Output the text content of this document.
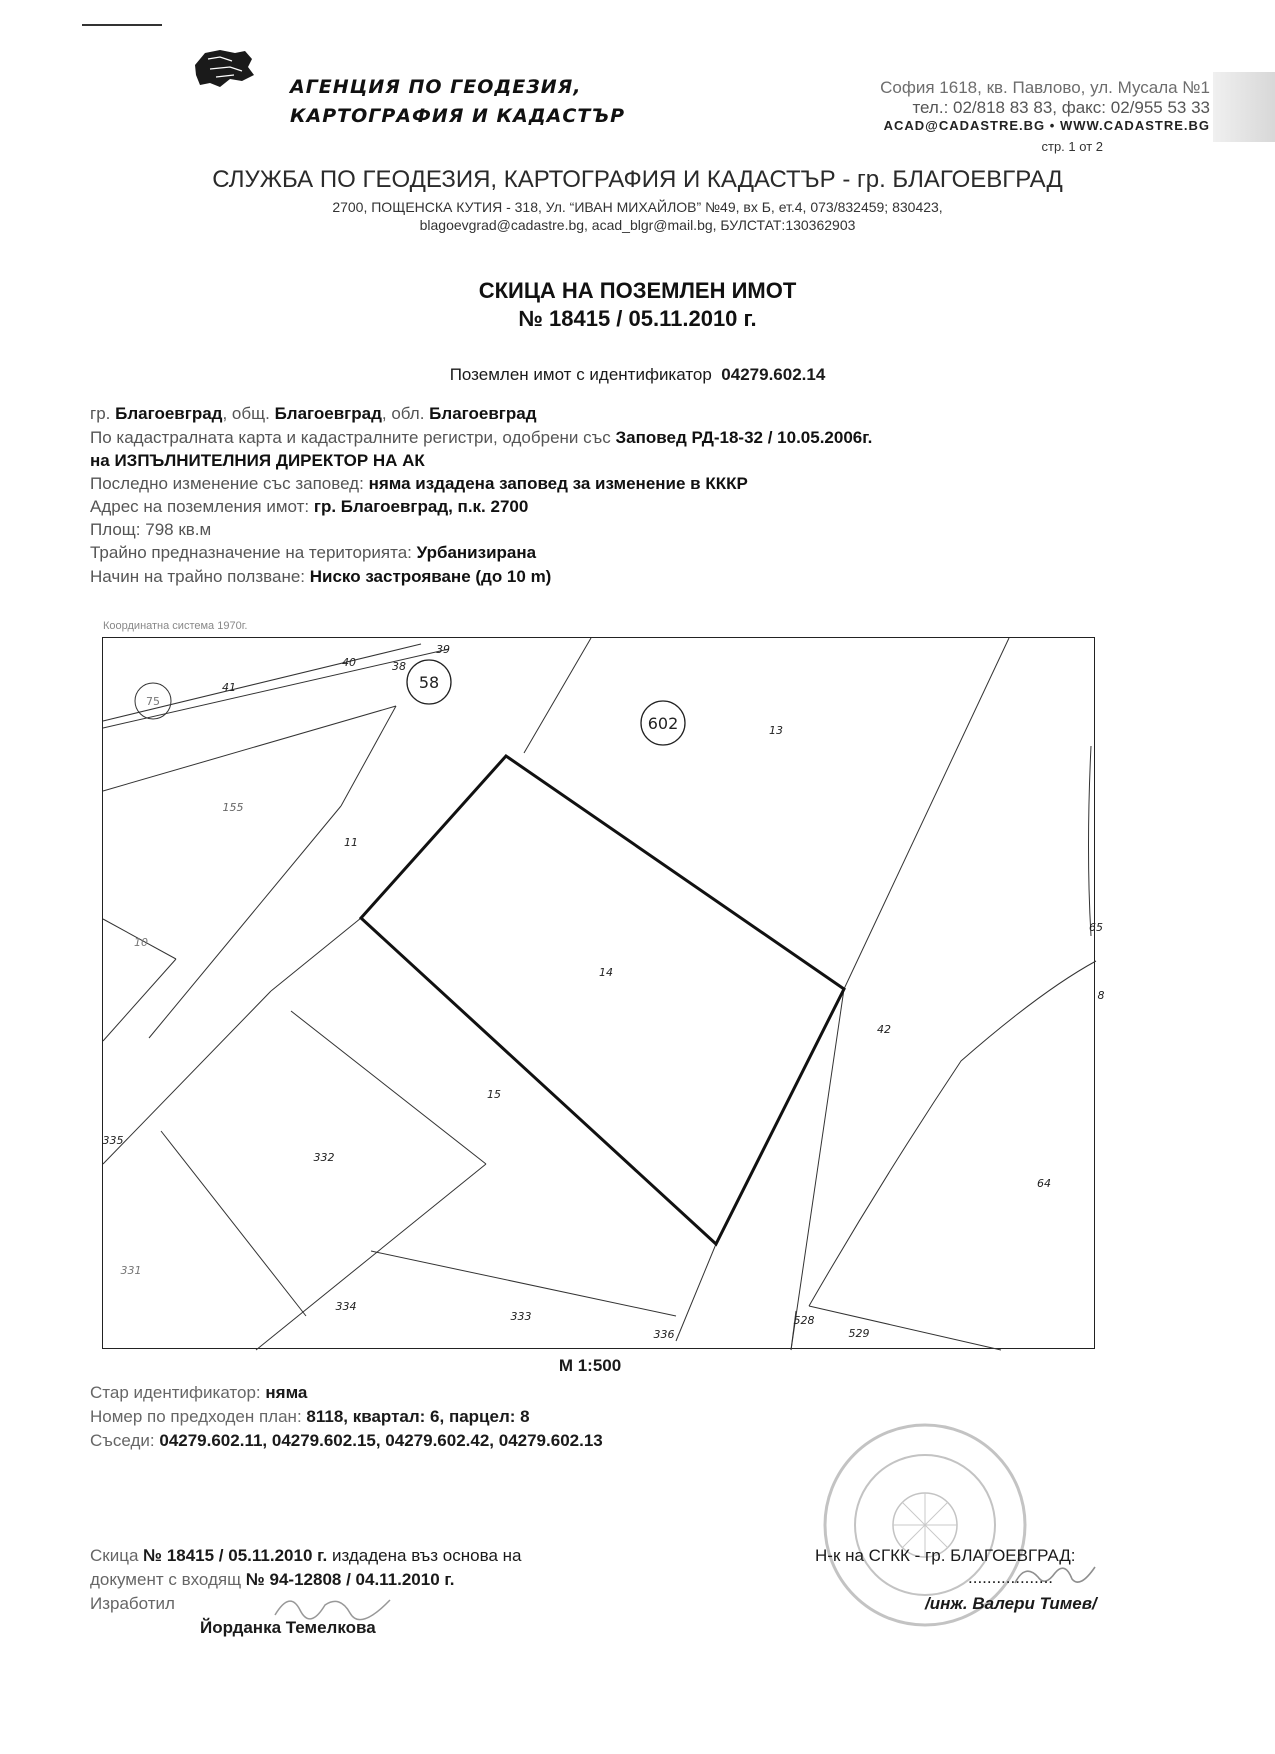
АГЕНЦИЯ ПО ГЕОДЕЗИЯ,
КАРТОГРАФИЯ И КАДАСТЪР
София 1618, кв. Павлово, ул. Мусала №1
тел.: 02/818 83 83, факс: 02/955 53 33
ACAD@CADASTRE.BG • WWW.CADASTRE.BG
стр. 1 от 2
СЛУЖБА ПО ГЕОДЕЗИЯ, КАРТОГРАФИЯ И КАДАСТЪР - гр. БЛАГОЕВГРАД
2700, ПОЩЕНСКА КУТИЯ - 318, Ул. “ИВАН МИХАЙЛОВ” №49, вх Б, ет.4, 073/832459; 830423,
blagoevgrad@cadastre.bg, acad_blgr@mail.bg, БУЛСТАТ:130362903
СКИЦА НА ПОЗЕМЛЕН ИМОТ
№ 18415 / 05.11.2010 г.
Поземлен имот с идентификатор 04279.602.14
гр. Благоевград, общ. Благоевград, обл. Благоевград
По кадастралната карта и кадастралните регистри, одобрени със Заповед РД-18-32 / 10.05.2006г.
на ИЗПЪЛНИТЕЛНИЯ ДИРЕКТОР НА АК
Последно изменение със заповед: няма издадена заповед за изменение в КККР
Адрес на поземления имот: гр. Благоевград, п.к. 2700
Площ: 798 кв.м
Трайно предназначение на територията: Урбанизирана
Начин на трайно ползване: Ниско застрояване (до 10 m)
Координатна система 1970г.
40
39
38
58
41
75
602	13
155
11
10
14
65
8
42
15
335
332
64
331
334
333
336
528
529
М 1:500
Стар идентификатор: няма
Номер по предходен план: 8118, квартал: 6, парцел: 8
Съседи: 04279.602.11, 04279.602.15, 04279.602.42, 04279.602.13
Скица № 18415 / 05.11.2010 г. издадена въз основа на
документ с входящ № 94-12808 / 04.11.2010 г.
Изработил
Йорданка Темелкова
Н-к на СГКК - гр. БЛАГОЕВГРАД:
..................
/инж. Валери Тимев/
